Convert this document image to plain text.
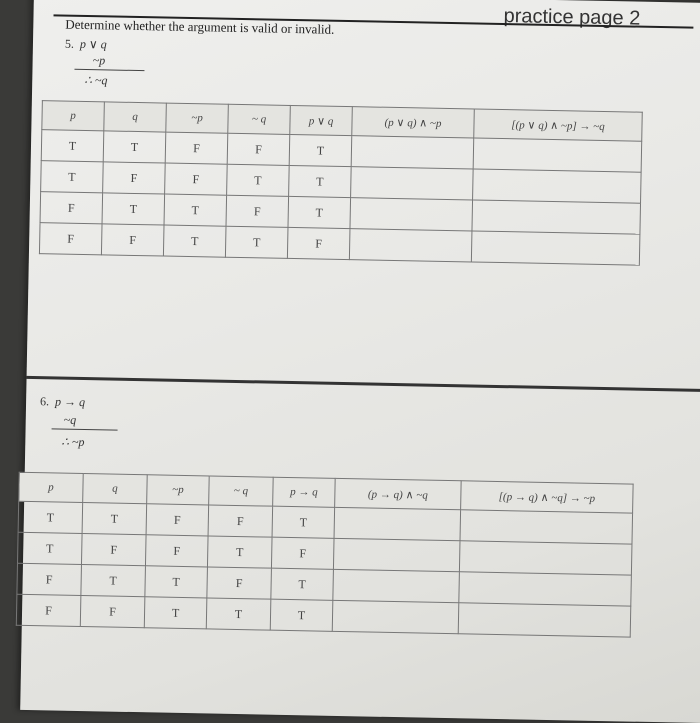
practice page 2
Determine whether the argument is valid or invalid.
5. p ∨ q
~p
∴ ~q
p	q	~p	~ q	p ∨ q	(p ∨ q) ∧ ~p	[(p ∨ q) ∧ ~p] → ~q
T	T	F	F	T		
T	F	F	T	T		
F	T	T	F	T		
F	F	T	T	F		
6. p → q
~q
∴ ~p
p	q	~p	~ q	p → q	(p → q) ∧ ~q	[(p → q) ∧ ~q] → ~p
T	T	F	F	T		
T	F	F	T	F		
F	T	T	F	T		
F	F	T	T	T		
